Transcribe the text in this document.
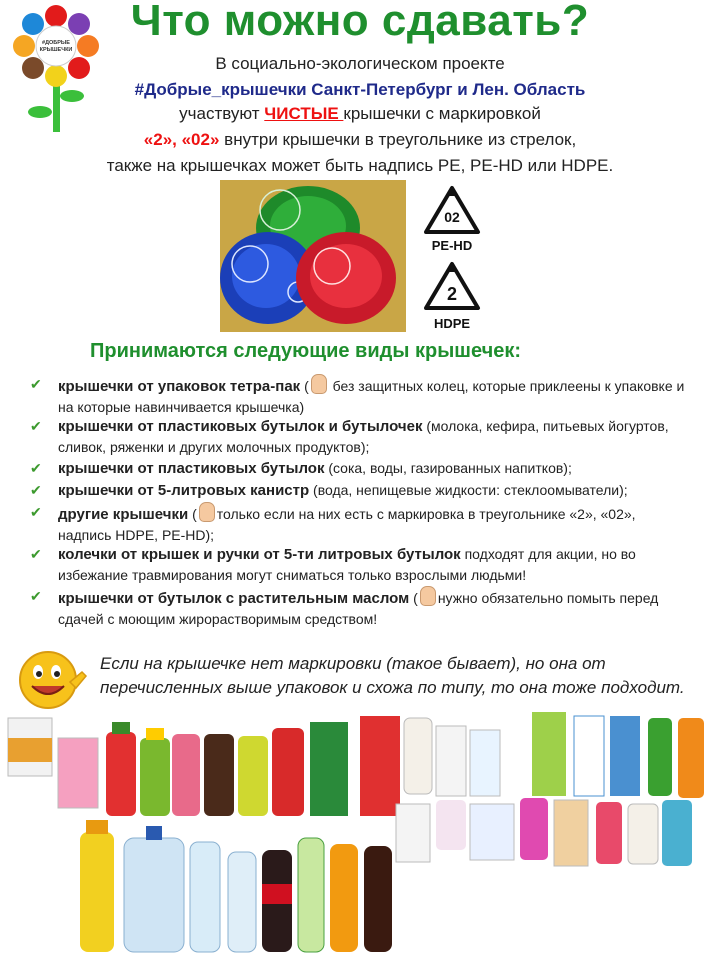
#ДОБРЫЕ
КРЫШЕЧКИ
Что можно сдавать?
В социально-экологическом проекте
#Добрые_крышечки Санкт-Петербург и Лен. Область
участвуют ЧИСТЫЕ крышечки с маркировкой
«2», «02» внутри крышечки в треугольнике из стрелок,
также на крышечках может быть надпись PE, PE-HD или HDPE.
02
PE-HD
2
HDPE
Принимаются следующие виды крышечек:
✔ крышечки от упаковок тетра-пак ( без защитных колец, которые приклеены к упаковке и на которые навинчивается крышечка)
✔ крышечки от пластиковых бутылок и бутылочек (молока, кефира, питьевых йогуртов, сливок, ряженки и других молочных продуктов);
✔ крышечки от пластиковых бутылок (сока, воды, газированных напитков);
✔ крышечки от 5-литровых канистр (вода, непищевые жидкости: стеклоомыватели);
✔ другие крышечки ( только если на них есть с маркировка в треугольнике «2», «02», надпись HDPE, PE-HD);
✔ колечки от крышек и ручки от 5-ти литровых бутылок подходят для акции, но во избежание травмирования могут сниматься только взрослыми людьми!
✔ крышечки от бутылок с растительным маслом ( нужно обязательно помыть перед сдачей с моющим жирорастворимым средством!
Если на крышечке нет маркировки (такое бывает), но она от перечисленных выше упаковок и схожа по типу, то она тоже подходит.
